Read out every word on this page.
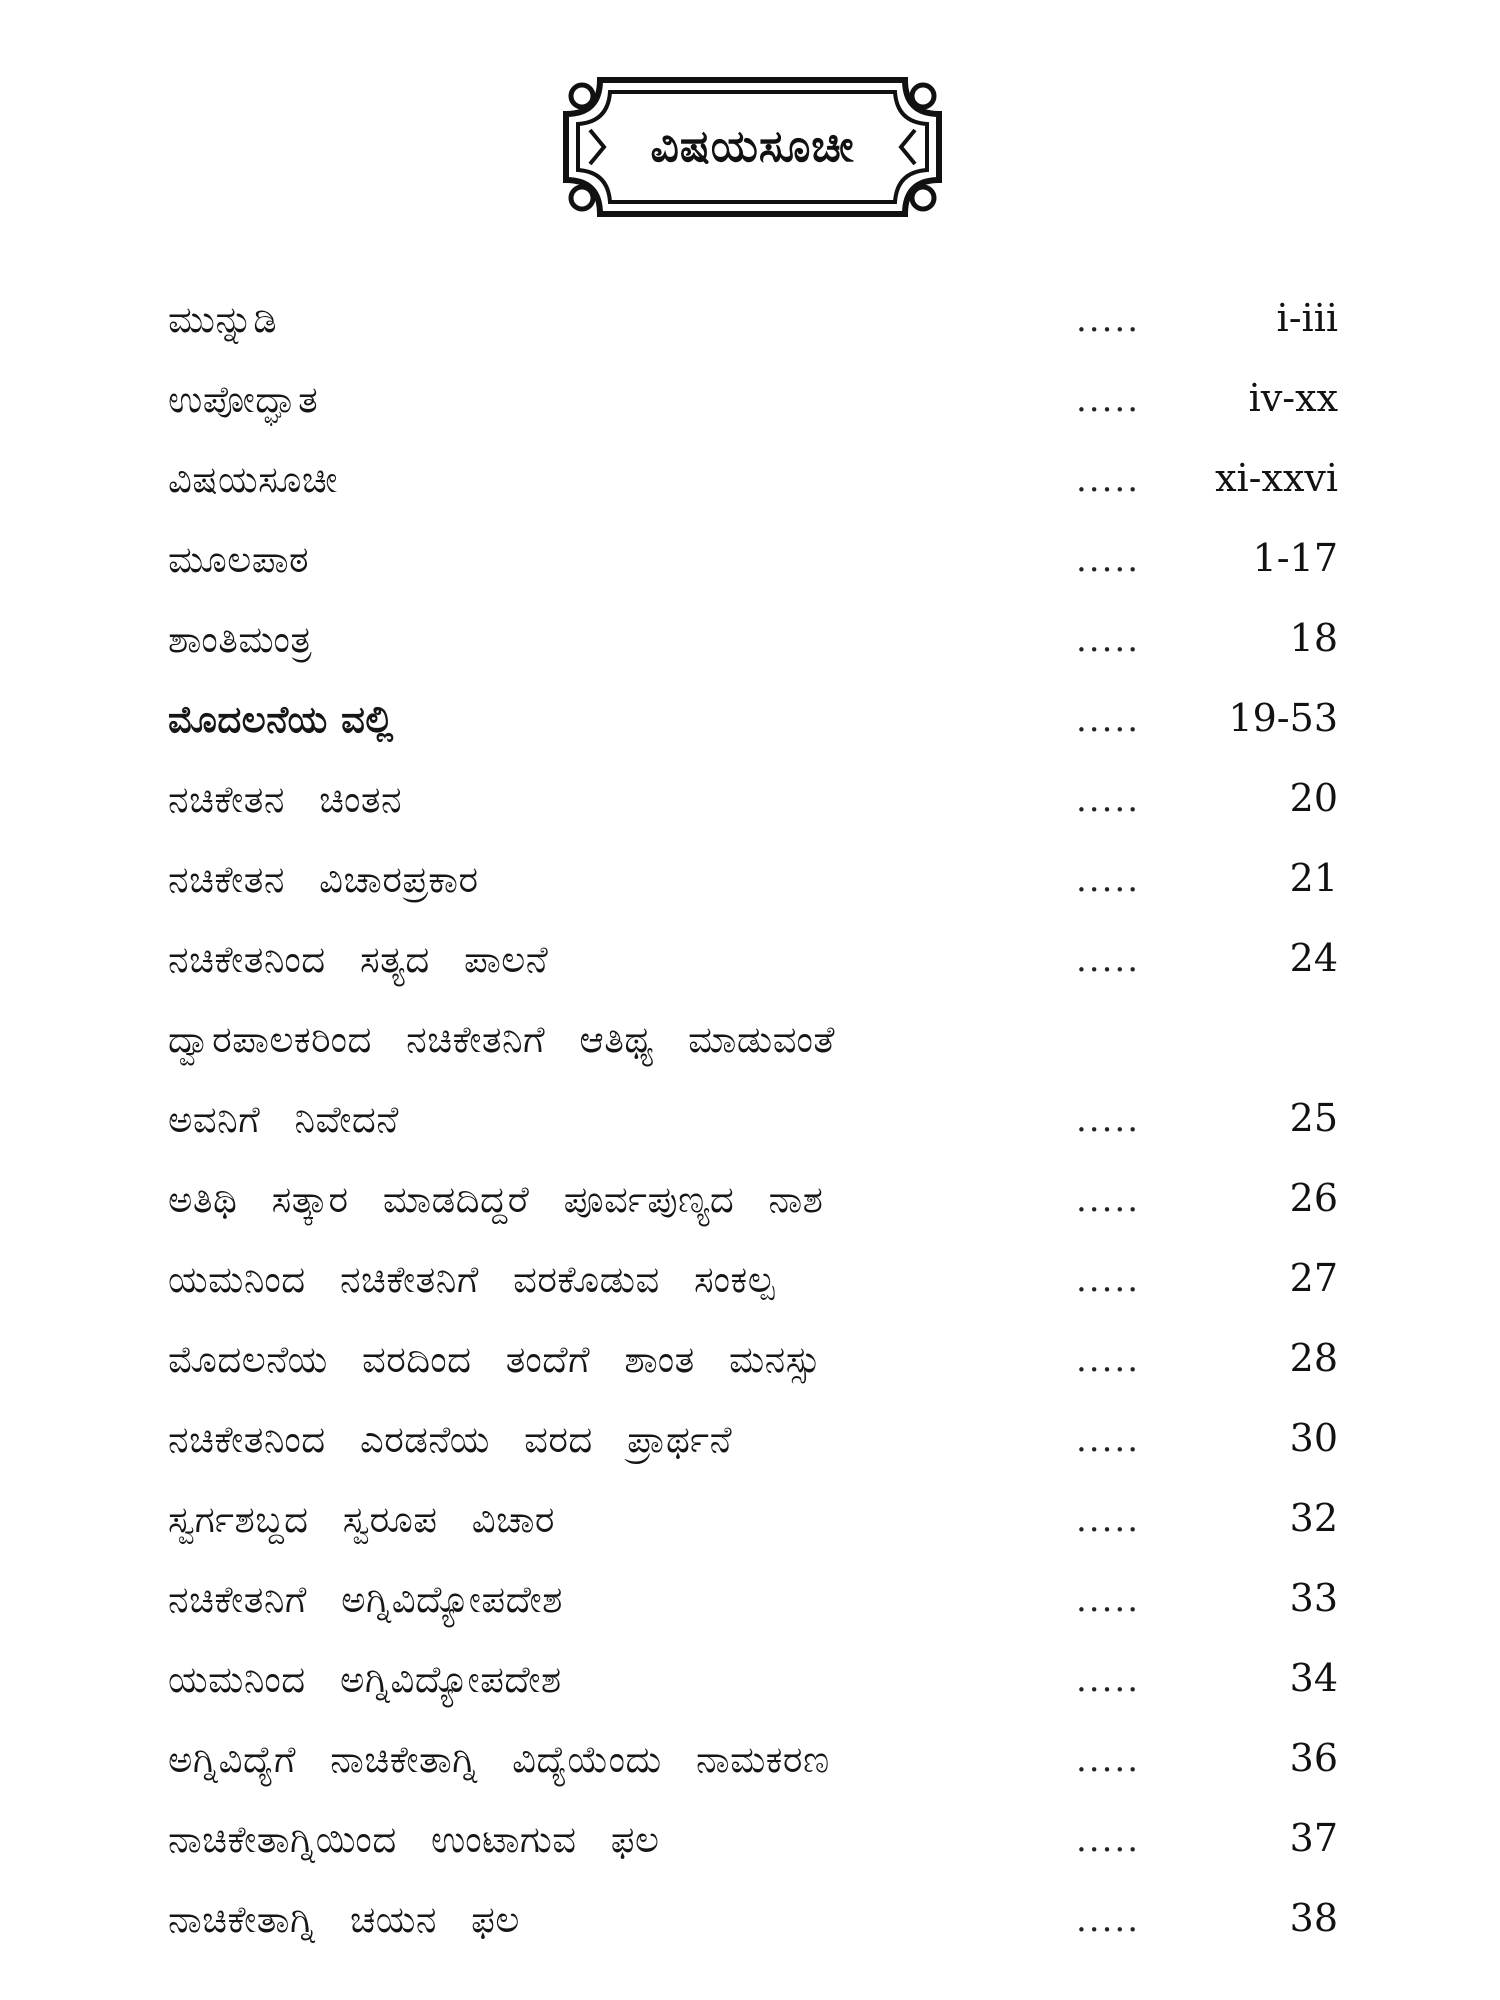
ವಿಷಯಸೂಚೀ
ಮುನ್ನುಡಿ	.....	i-iii
ಉಪೋದ್ಘಾತ	.....	iv-xx
ವಿಷಯಸೂಚೀ	.....	xi-xxvi
ಮೂಲಪಾಠ	.....	1-17
ಶಾಂತಿಮಂತ್ರ	.....	18
ಮೊದಲನೆಯ ವಲ್ಲಿ	.....	19-53
ನಚಿಕೇತನ ಚಿಂತನ	.....	20
ನಚಿಕೇತನ ವಿಚಾರಪ್ರಕಾರ	.....	21
ನಚಿಕೇತನಿಂದ ಸತ್ಯದ ಪಾಲನೆ	.....	24
ದ್ವಾರಪಾಲಕರಿಂದ ನಚಿಕೇತನಿಗೆ ಆತಿಥ್ಯ ಮಾಡುವಂತೆ
ಅವನಿಗೆ ನಿವೇದನೆ	.....	25
ಅತಿಥಿ ಸತ್ಕಾರ ಮಾಡದಿದ್ದರೆ ಪೂರ್ವಪುಣ್ಯದ ನಾಶ	.....	26
ಯಮನಿಂದ ನಚಿಕೇತನಿಗೆ ವರಕೊಡುವ ಸಂಕಲ್ಪ	.....	27
ಮೊದಲನೆಯ ವರದಿಂದ ತಂದೆಗೆ ಶಾಂತ ಮನಸ್ಸು	.....	28
ನಚಿಕೇತನಿಂದ ಎರಡನೆಯ ವರದ ಪ್ರಾರ್ಥನೆ	.....	30
ಸ್ವರ್ಗಶಬ್ದದ ಸ್ವರೂಪ ವಿಚಾರ	.....	32
ನಚಿಕೇತನಿಗೆ ಅಗ್ನಿವಿದ್ಯೋಪದೇಶ	.....	33
ಯಮನಿಂದ ಅಗ್ನಿವಿದ್ಯೋಪದೇಶ	.....	34
ಅಗ್ನಿವಿದ್ಯೆಗೆ ನಾಚಿಕೇತಾಗ್ನಿ ವಿದ್ಯೆಯೆಂದು ನಾಮಕರಣ	.....	36
ನಾಚಿಕೇತಾಗ್ನಿಯಿಂದ ಉಂಟಾಗುವ ಫಲ	.....	37
ನಾಚಿಕೇತಾಗ್ನಿ ಚಯನ ಫಲ	.....	38
